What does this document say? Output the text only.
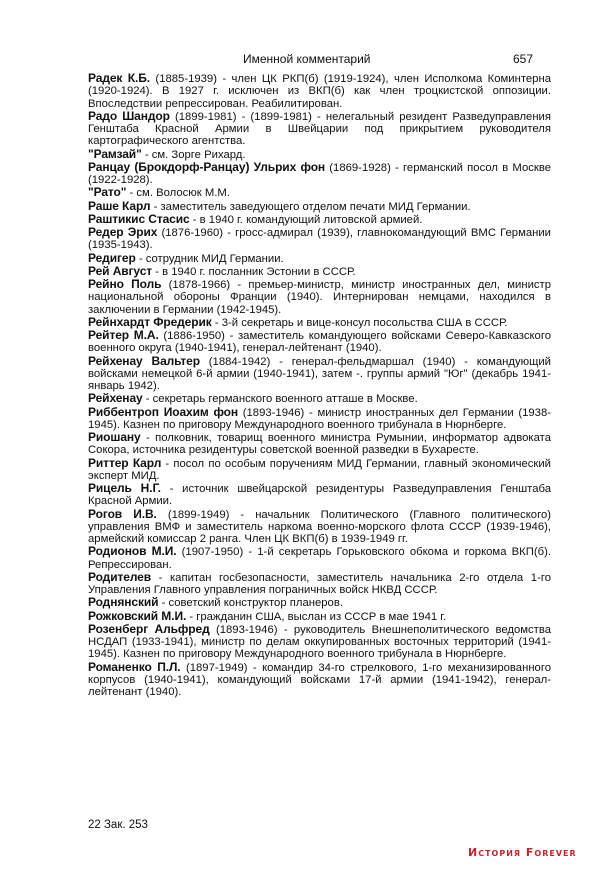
Именной комментарий	657

Радек К.Б. (1885-1939) - член ЦК РКП(б) (1919-1924), член Исполкома Коминтерна (1920-1924). В 1927 г. исключен из ВКП(б) как член троцкистской оппозиции. Впоследствии репрессирован. Реабилитирован.

Радо Шандор (1899-1981) - (1899-1981) - нелегальный резидент Разведуправления Генштаба Красной Армии в Швейцарии под прикрытием руководителя картографического агентства.

"Рамзай" - см. Зорге Рихард.

Ранцау (Брокдорф-Ранцау) Ульрих фон (1869-1928) - германский посол в Москве (1922-1928).

"Рато" - см. Волосюк М.М.

Раше Карл - заместитель заведующего отделом печати МИД Германии.

Раштикис Стасис - в 1940 г. командующий литовской армией.

Редер Эрих (1876-1960) - гросс-адмирал (1939), главнокомандующий ВМС Германии (1935-1943).

Редигер - сотрудник МИД Германии.

Рей Август - в 1940 г. посланник Эстонии в СССР.

Рейно Поль (1878-1966) - премьер-министр, министр иностранных дел, министр национальной обороны Франции (1940). Интернирован немцами, находился в заключении в Германии (1942-1945).

Рейнхардт Фредерик - 3-й секретарь и вице-консул посольства США в СССР.

Рейтер М.А. (1886-1950) - заместитель командующего войсками Северо-Кавказского военного округа (1940-1941), генерал-лейтенант (1940).

Рейхенау Вальтер (1884-1942) - генерал-фельдмаршал (1940) - командующий войсками немецкой 6-й армии (1940-1941), затем -. группы армий "Юг" (декабрь 1941-январь 1942).

Рейхенау - секретарь германского военного атташе в Москве.

Риббентроп Иоахим фон (1893-1946) - министр иностранных дел Германии (1938-1945). Казнен по приговору Международного военного трибунала в Нюрнберге.

Риошану - полковник, товарищ военного министра Румынии, информатор адвоката Сокора, источника резидентуры советской военной разведки в Бухаресте.

Риттер Карл - посол по особым поручениям МИД Германии, главный экономический эксперт МИД.

Рицель Н.Г. - источник швейцарской резидентуры Разведуправления Генштаба Красной Армии.

Рогов И.В. (1899-1949) - начальник Политического (Главного политического) управления ВМФ и заместитель наркома военно-морского флота СССР (1939-1946), армейский комиссар 2 ранга. Член ЦК ВКП(б) в 1939-1949 гг.

Родионов М.И. (1907-1950) - 1-й секретарь Горьковского обкома и горкома ВКП(б). Репрессирован.

Родителев - капитан госбезопасности, заместитель начальника 2-го отдела 1-го Управления Главного управления пограничных войск НКВД СССР.

Роднянский - советский конструктор планеров.

Рожковский М.И. - гражданин США, выслан из СССР в мае 1941 г.

Розенберг Альфред (1893-1946) - руководитель Внешнеполитического ведомства НСДАП (1933-1941), министр по делам оккупированных восточных территорий (1941-1945). Казнен по приговору Международного военного трибунала в Нюрнберге.

Романенко П.Л. (1897-1949) - командир 34-го стрелкового, 1-го механизированного корпусов (1940-1941), командующий войсками 17-й армии (1941-1942), генерал-лейтенант (1940).

22 Зак. 253
История Forever
